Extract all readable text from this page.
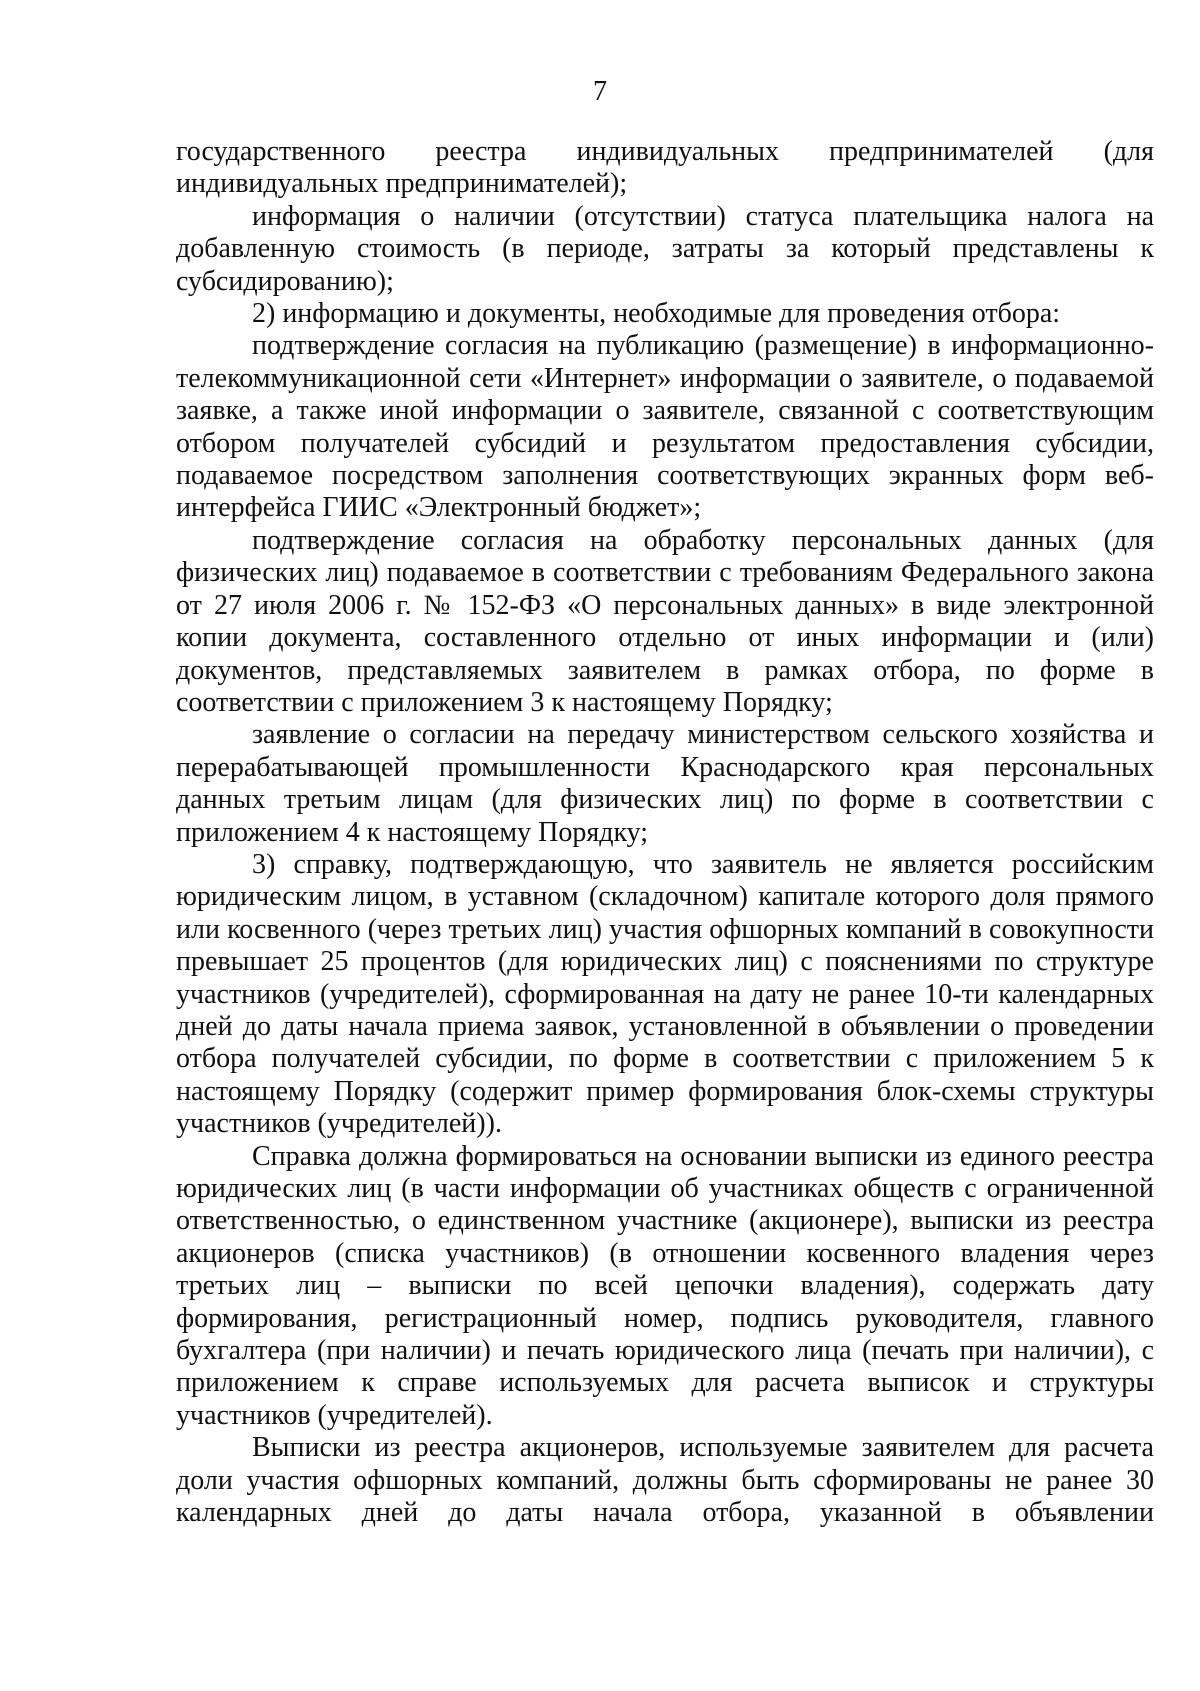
7

государственного реестра индивидуальных предпринимателей (для индивидуальных предпринимателей);

информация о наличии (отсутствии) статуса плательщика налога на добавленную стоимость (в периоде, затраты за который представлены к субсидированию);

2) информацию и документы, необходимые для проведения отбора:

подтверждение согласия на публикацию (размещение) в информационно-телекоммуникационной сети «Интернет» информации о заявителе, о подаваемой заявке, а также иной информации о заявителе, связанной с соответствующим отбором получателей субсидий и результатом предоставления субсидии, подаваемое посредством заполнения соответствующих экранных форм веб-интерфейса ГИИС «Электронный бюджет»;

подтверждение согласия на обработку персональных данных (для физических лиц) подаваемое в соответствии с требованиям Федерального закона от 27 июля 2006 г. № 152-ФЗ «О персональных данных» в виде электронной копии документа, составленного отдельно от иных информации и (или) документов, представляемых заявителем в рамках отбора, по форме в соответствии с приложением 3 к настоящему Порядку;

заявление о согласии на передачу министерством сельского хозяйства и перерабатывающей промышленности Краснодарского края персональных данных третьим лицам (для физических лиц) по форме в соответствии с приложением 4 к настоящему Порядку;

3) справку, подтверждающую, что заявитель не является российским юридическим лицом, в уставном (складочном) капитале которого доля прямого или косвенного (через третьих лиц) участия офшорных компаний в совокупности превышает 25 процентов (для юридических лиц) с пояснениями по структуре участников (учредителей), сформированная на дату не ранее 10-ти календарных дней до даты начала приема заявок, установленной в объявлении о проведении отбора получателей субсидии, по форме в соответствии с приложением 5 к настоящему Порядку (содержит пример формирования блок-схемы структуры участников (учредителей)).

Справка должна формироваться на основании выписки из единого реестра юридических лиц (в части информации об участниках обществ с ограниченной ответственностью, о единственном участнике (акционере), выписки из реестра акционеров (списка участников) (в отношении косвенного владения через третьих лиц – выписки по всей цепочки владения), содержать дату формирования, регистрационный номер, подпись руководителя, главного бухгалтера (при наличии) и печать юридического лица (печать при наличии), с приложением к справе используемых для расчета выписок и структуры участников (учредителей).

Выписки из реестра акционеров, используемые заявителем для расчета доли участия офшорных компаний, должны быть сформированы не ранее 30 календарных дней до даты начала отбора, указанной в объявлении
